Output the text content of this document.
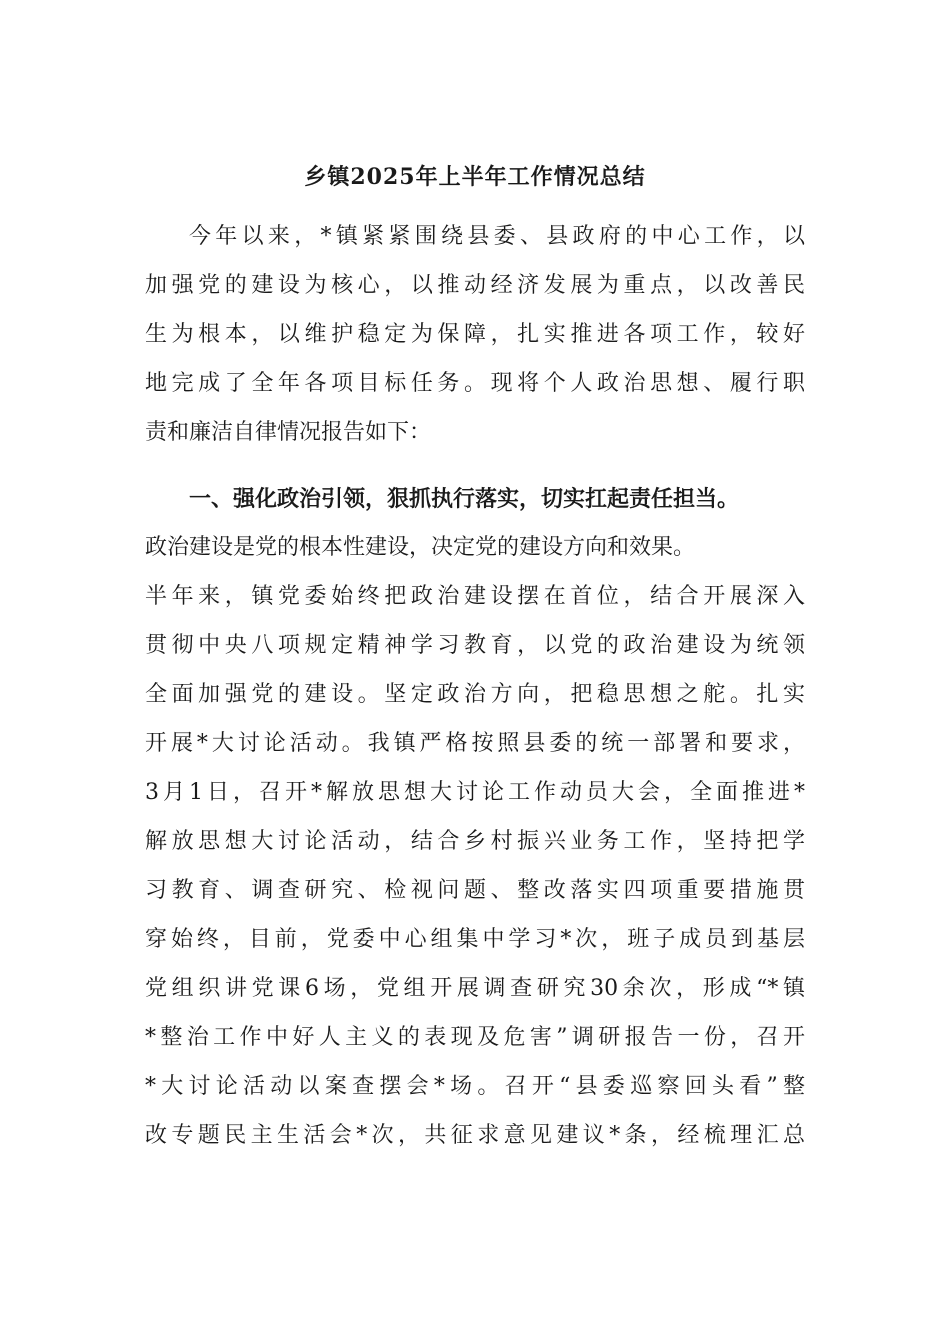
乡镇2025年上半年工作情况总结
今年以来，*镇紧紧围绕县委、县政府的中心工作，以
加强党的建设为核心，以推动经济发展为重点，以改善民
生为根本，以维护稳定为保障，扎实推进各项工作，较好
地完成了全年各项目标任务。现将个人政治思想、履行职
责和廉洁自律情况报告如下：
一、强化政治引领，狠抓执行落实，切实扛起责任担当。
政治建设是党的根本性建设，决定党的建设方向和效果。
半年来，镇党委始终把政治建设摆在首位，结合开展深入
贯彻中央八项规定精神学习教育，以党的政治建设为统领
全面加强党的建设。坚定政治方向，把稳思想之舵。扎实
开展*大讨论活动。我镇严格按照县委的统一部署和要求，
3月1日，召开*解放思想大讨论工作动员大会，全面推进*
解放思想大讨论活动，结合乡村振兴业务工作，坚持把学
习教育、调查研究、检视问题、整改落实四项重要措施贯
穿始终，目前，党委中心组集中学习*次，班子成员到基层
党组织讲党课6场，党组开展调查研究30余次，形成“*镇
*整治工作中好人主义的表现及危害”调研报告一份，召开
*大讨论活动以案查摆会*场。召开“县委巡察回头看”整
改专题民主生活会*次，共征求意见建议*条，经梳理汇总
